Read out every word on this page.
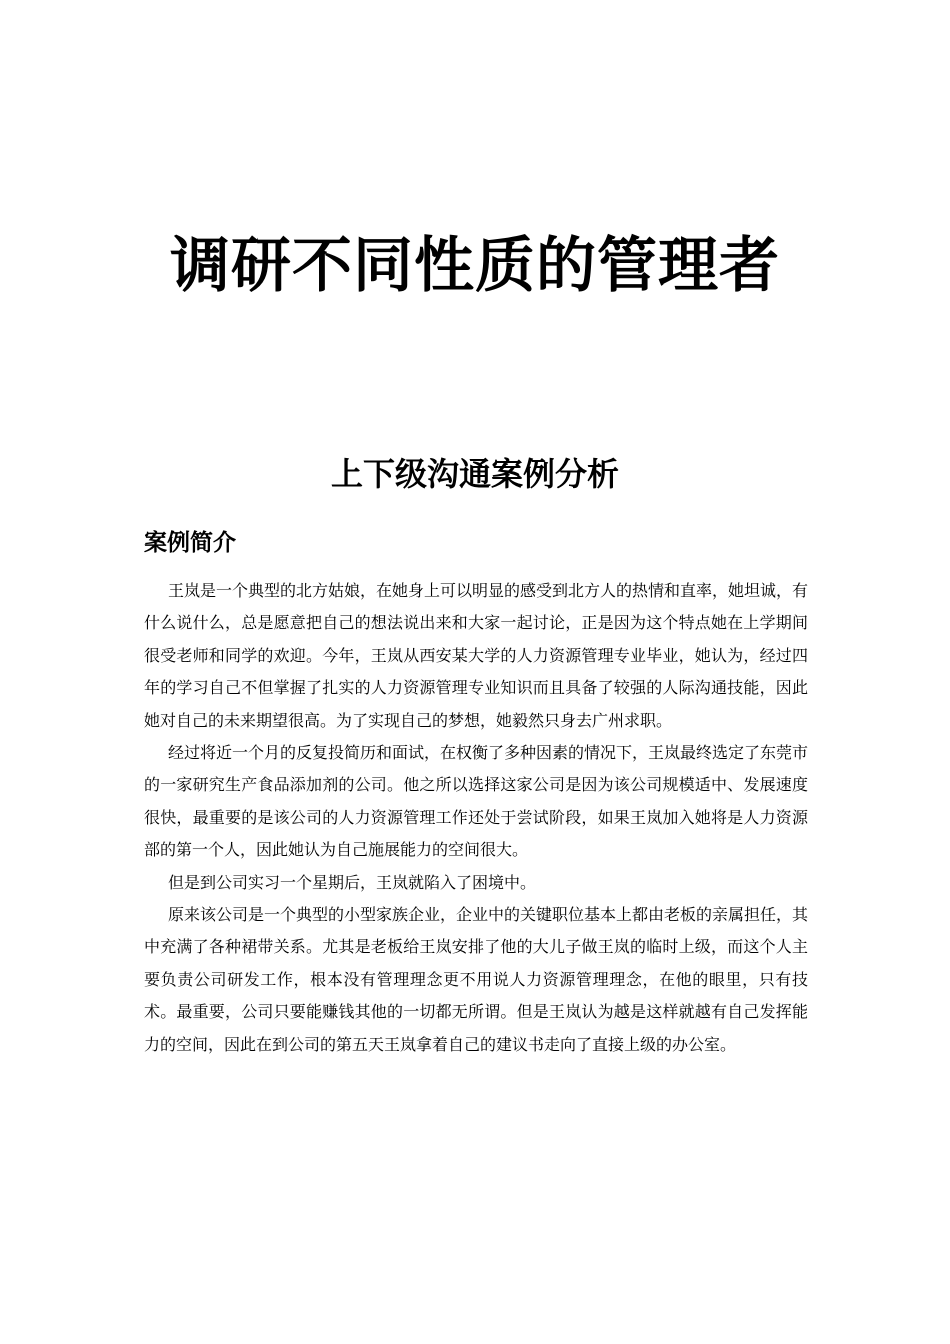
调研不同性质的管理者
上下级沟通案例分析
案例简介

王岚是一个典型的北方姑娘，在她身上可以明显的感受到北方人的热情和直率，她坦诚，有什么说什么，总是愿意把自己的想法说出来和大家一起讨论，正是因为这个特点她在上学期间很受老师和同学的欢迎。今年，王岚从西安某大学的人力资源管理专业毕业，她认为，经过四年的学习自己不但掌握了扎实的人力资源管理专业知识而且具备了较强的人际沟通技能，因此她对自己的未来期望很高。为了实现自己的梦想，她毅然只身去广州求职。

经过将近一个月的反复投简历和面试，在权衡了多种因素的情况下，王岚最终选定了东莞市的一家研究生产食品添加剂的公司。他之所以选择这家公司是因为该公司规模适中、发展速度很快，最重要的是该公司的人力资源管理工作还处于尝试阶段，如果王岚加入她将是人力资源部的第一个人，因此她认为自己施展能力的空间很大。

但是到公司实习一个星期后，王岚就陷入了困境中。

原来该公司是一个典型的小型家族企业，企业中的关键职位基本上都由老板的亲属担任，其中充满了各种裙带关系。尤其是老板给王岚安排了他的大儿子做王岚的临时上级，而这个人主要负责公司研发工作，根本没有管理理念更不用说人力资源管理理念，在他的眼里，只有技术。最重要，公司只要能赚钱其他的一切都无所谓。但是王岚认为越是这样就越有自己发挥能力的空间，因此在到公司的第五天王岚拿着自己的建议书走向了直接上级的办公室。
